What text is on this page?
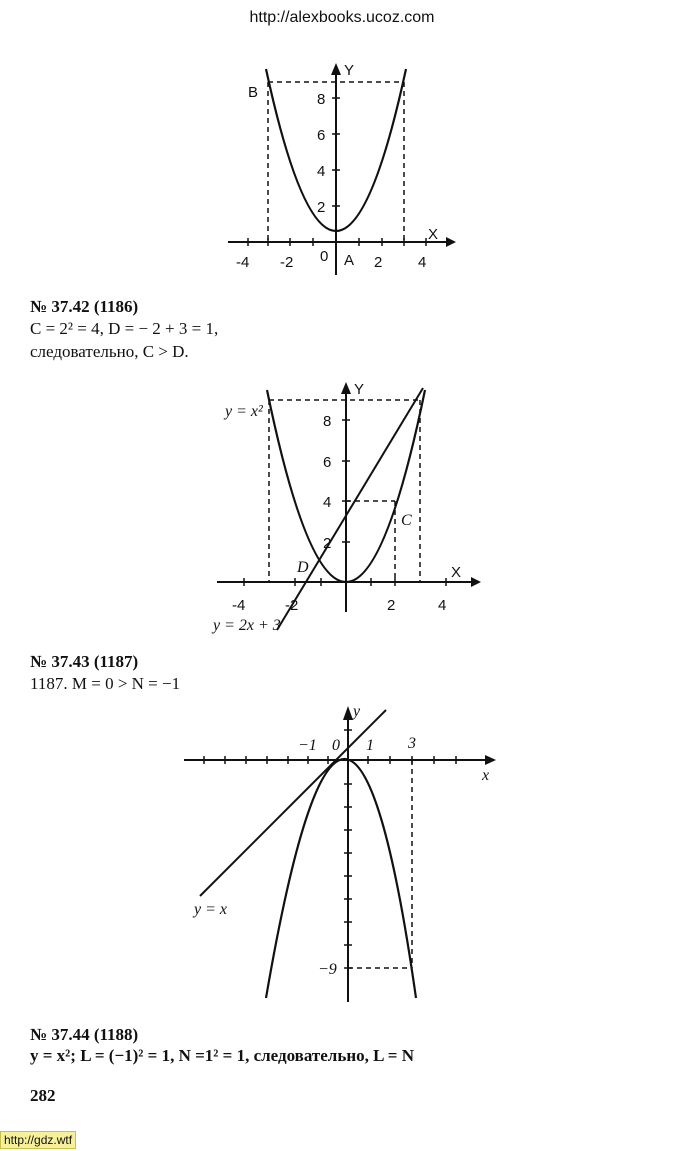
http://alexbooks.ucoz.com
X
Y
B
A
-4 -2 0	2 4
2
4
6
8
№ 37.42 (1186)
C = 2² = 4, D = − 2 + 3 = 1,
следовательно, C > D.
X
Y
-4	-2	2	4
2
4
6
8
y = x²
y = 2x + 3
D
C
№ 37.43 (1187)
1187. M = 0 > N = −1
x
y
−1 0 1 3
−9
y = x
№ 37.44 (1188)
y = x²; L = (−1)² = 1, N =1² = 1, следовательно, L = N
282
http://gdz.wtf
